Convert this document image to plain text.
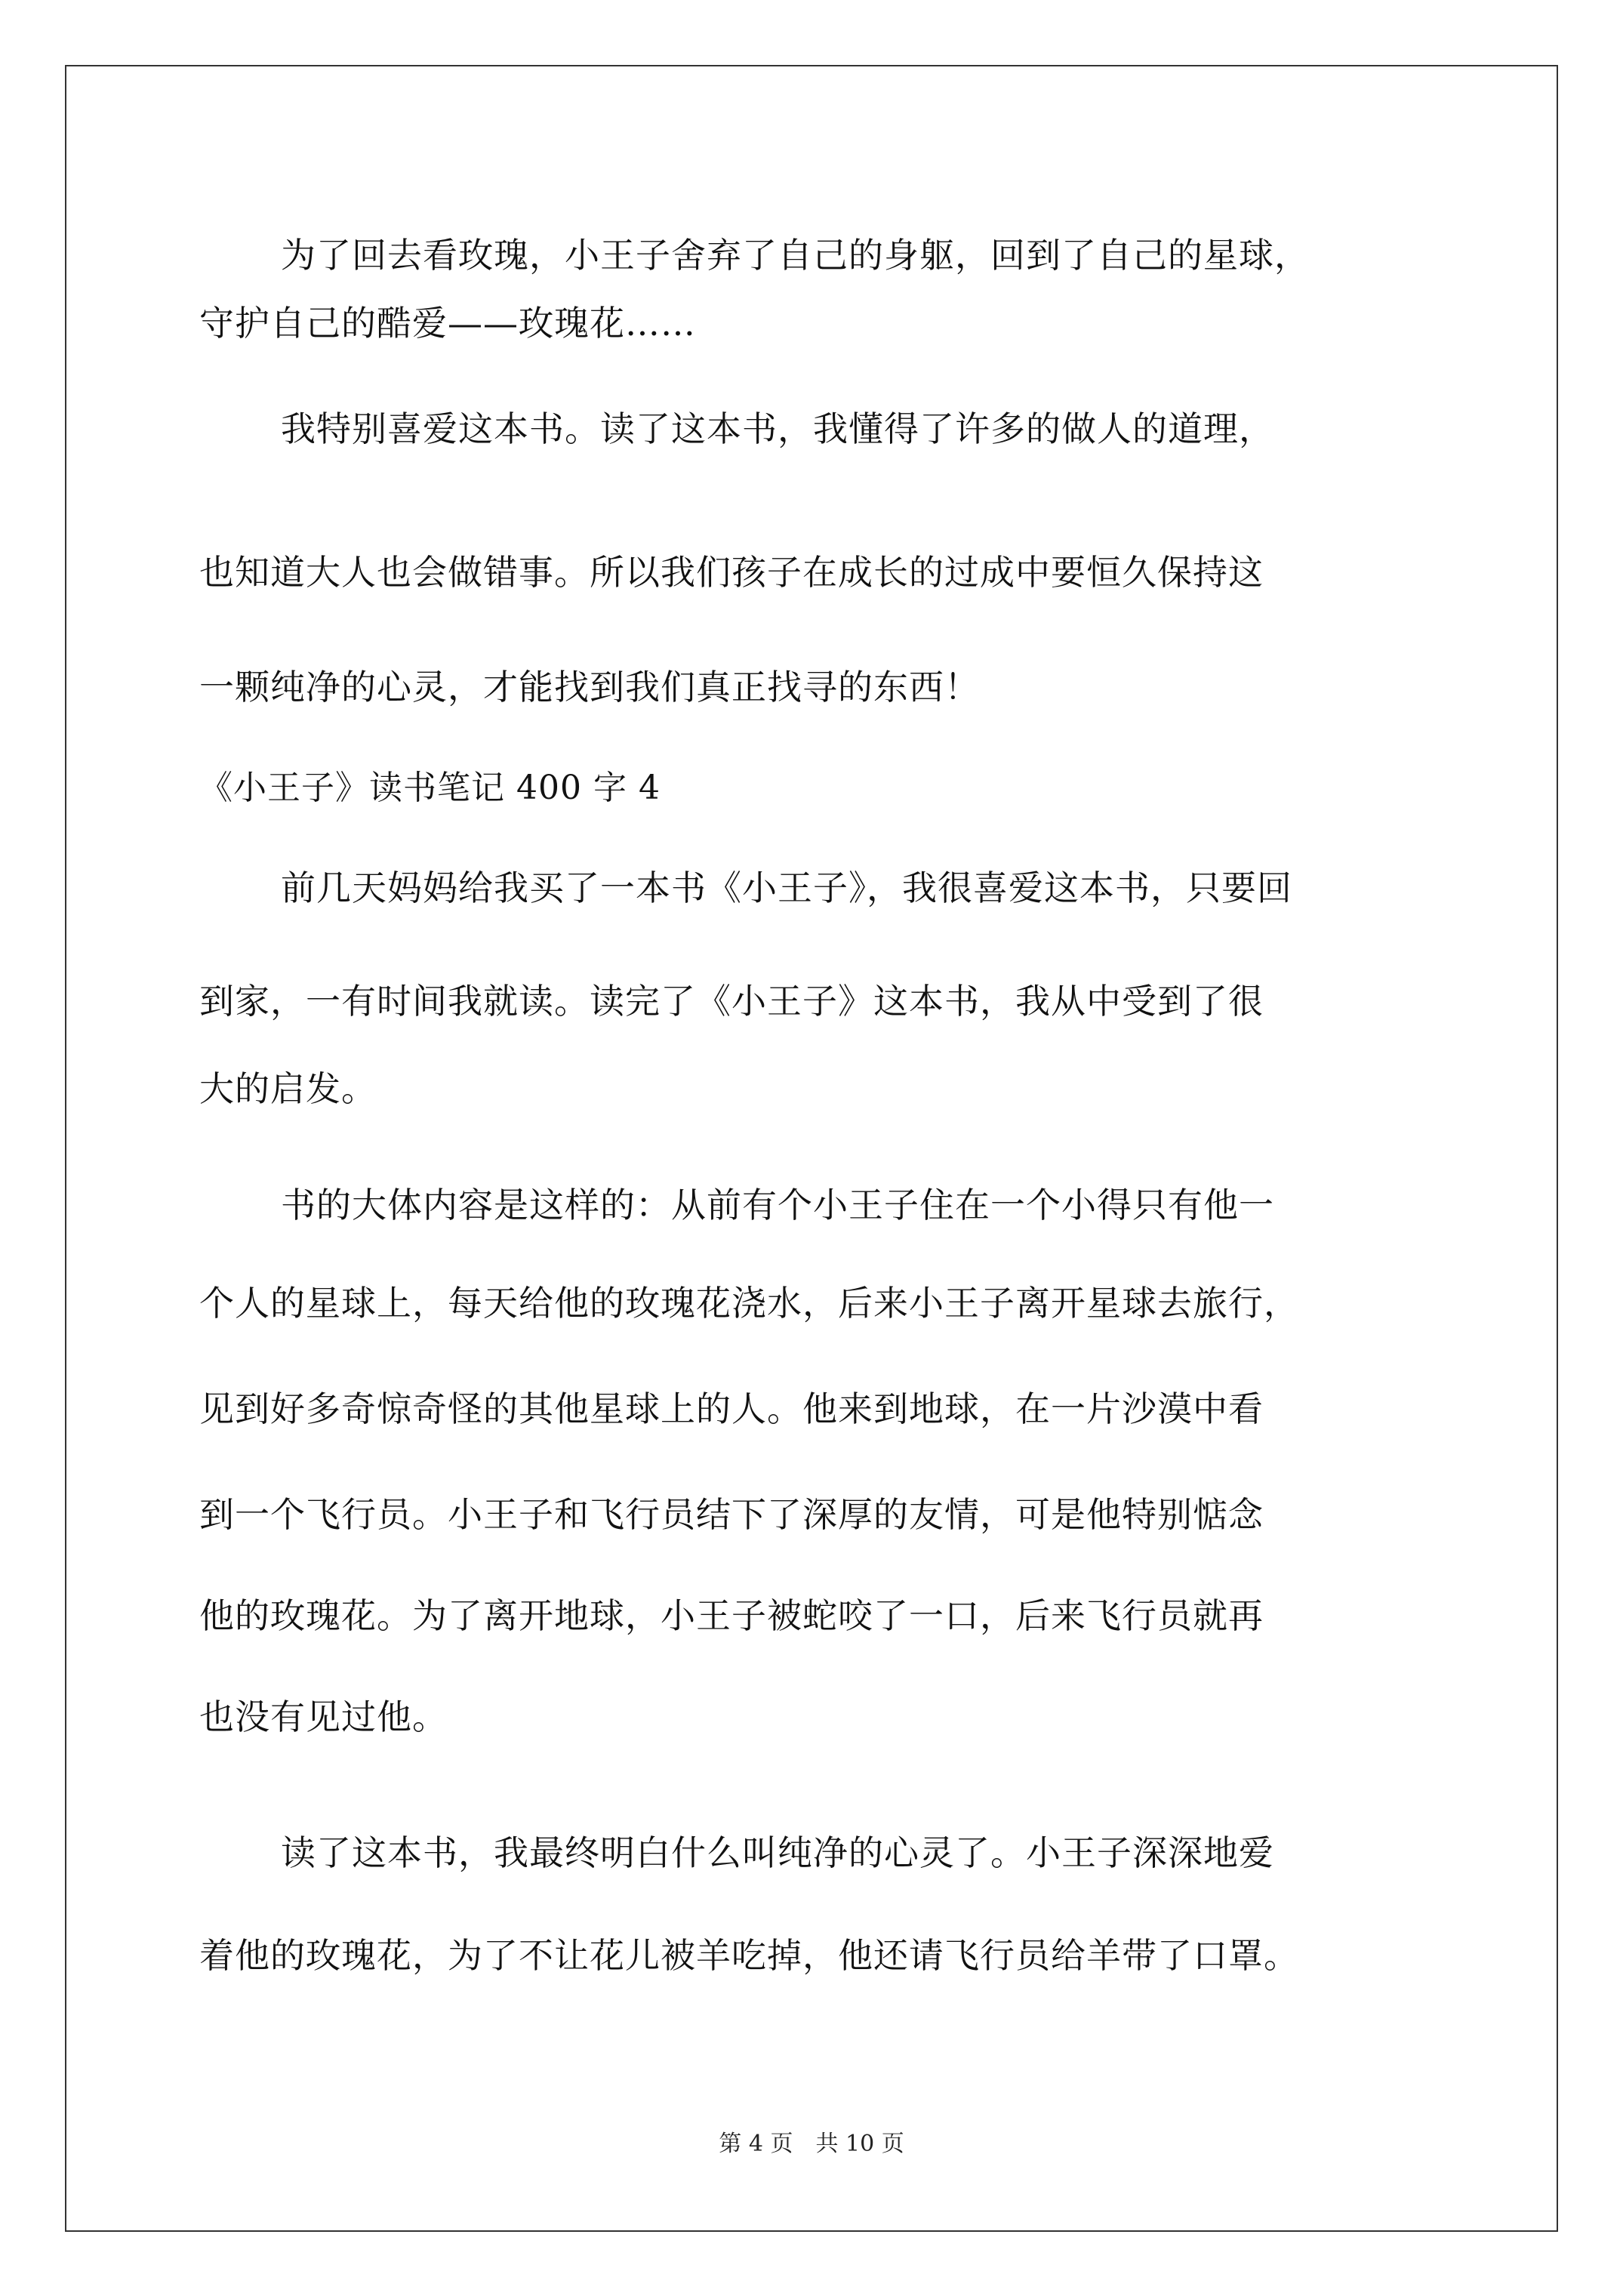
为了回去看玫瑰，小王子舍弃了自己的身躯，回到了自己的星球，
守护自己的酷爱——玫瑰花……
我特别喜爱这本书。读了这本书，我懂得了许多的做人的道理，
也知道大人也会做错事。所以我们孩子在成长的过成中要恒久保持这
一颗纯净的心灵，才能找到我们真正找寻的东西！
《小王子》读书笔记 400 字 4
前几天妈妈给我买了一本书《小王子》，我很喜爱这本书，只要回
到家，一有时间我就读。读完了《小王子》这本书，我从中受到了很
大的启发。
书的大体内容是这样的：从前有个小王子住在一个小得只有他一
个人的星球上，每天给他的玫瑰花浇水，后来小王子离开星球去旅行，
见到好多奇惊奇怪的其他星球上的人。他来到地球，在一片沙漠中看
到一个飞行员。小王子和飞行员结下了深厚的友情，可是他特别惦念
他的玫瑰花。为了离开地球，小王子被蛇咬了一口，后来飞行员就再
也没有见过他。
读了这本书，我最终明白什么叫纯净的心灵了。小王子深深地爱
着他的玫瑰花，为了不让花儿被羊吃掉，他还请飞行员给羊带了口罩。
第 4 页　共 10 页
